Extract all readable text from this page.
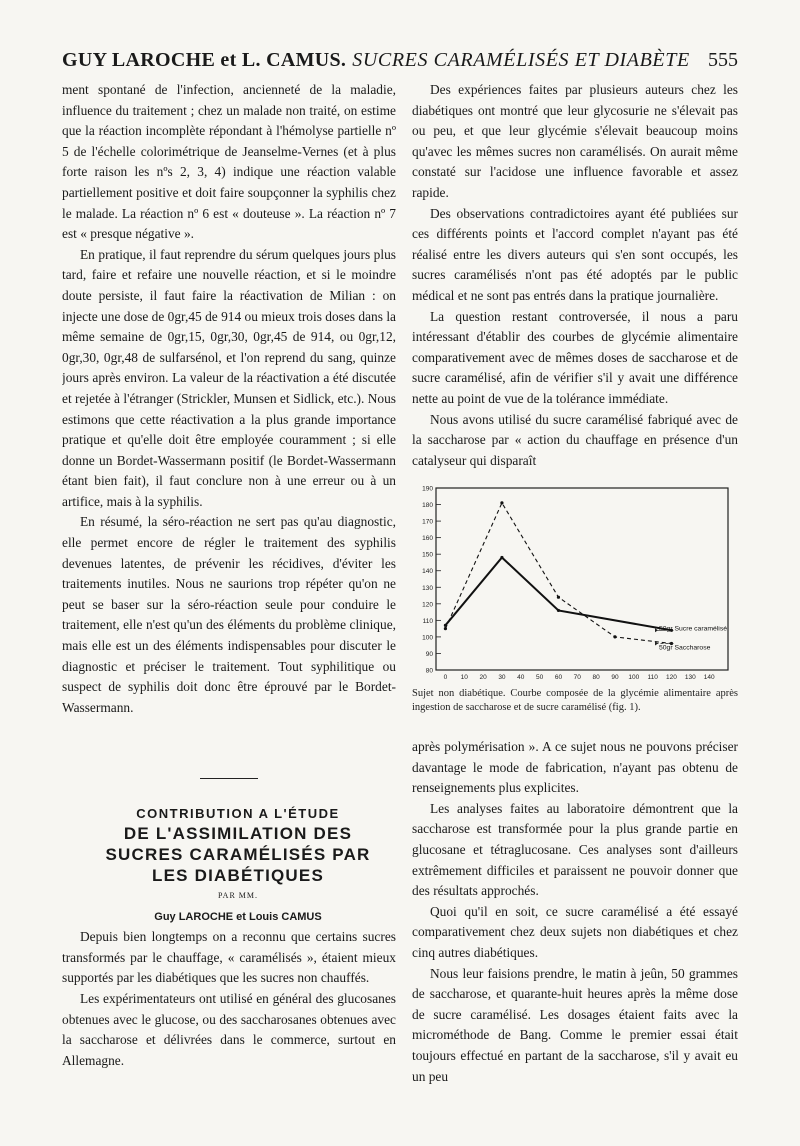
GUY LAROCHE et L. CAMUS. SUCRES CARAMÉLISÉS ET DIABÈTE 555

ment spontané de l'infection, ancienneté de la maladie, influence du traitement ; chez un malade non traité, on estime que la réaction incomplète répondant à l'hémolyse partielle nº 5 de l'échelle colorimétrique de Jeanselme-Vernes (et à plus forte raison les nºs 2, 3, 4) indique une réaction valable partiellement positive et doit faire soupçonner la syphilis chez le malade. La réaction nº 6 est « douteuse ». La réaction nº 7 est « presque négative ».

En pratique, il faut reprendre du sérum quelques jours plus tard, faire et refaire une nouvelle réaction, et si le moindre doute persiste, il faut faire la réactivation de Milian : on injecte une dose de 0gr,45 de 914 ou mieux trois doses dans la même semaine de 0gr,15, 0gr,30, 0gr,45 de 914, ou 0gr,12, 0gr,30, 0gr,48 de sulfarsénol, et l'on reprend du sang, quinze jours après environ. La valeur de la réactivation a été discutée et rejetée à l'étranger (Strickler, Munsen et Sidlick, etc.). Nous estimons que cette réactivation a la plus grande importance pratique et qu'elle doit être employée couramment ; si elle donne un Bordet-Wassermann positif (le Bordet-Wassermann étant bien fait), il faut conclure non à une erreur ou à un artifice, mais à la syphilis.

En résumé, la séro-réaction ne sert pas qu'au diagnostic, elle permet encore de régler le traitement des syphilis devenues latentes, de prévenir les récidives, d'éviter les traitements inutiles. Nous ne saurions trop répéter qu'on ne peut se baser sur la séro-réaction seule pour conduire le traitement, elle n'est qu'un des éléments du problème clinique, mais elle est un des éléments indispensables pour discuter le diagnostic et préciser le traitement. Tout syphilitique ou suspect de syphilis doit donc être éprouvé par le Bordet-Wassermann.

CONTRIBUTION A L'ÉTUDE

DE L'ASSIMILATION DES

SUCRES CARAMÉLISÉS PAR

LES DIABÉTIQUES

PAR MM.

Guy LAROCHE et Louis CAMUS

Depuis bien longtemps on a reconnu que certains sucres transformés par le chauffage, « caramélisés », étaient mieux supportés par les diabétiques que les sucres non chauffés.

Les expérimentateurs ont utilisé en général des glucosanes obtenues avec le glucose, ou des saccharosanes obtenues avec la saccharose et délivrées dans le commerce, surtout en Allemagne.

Des expériences faites par plusieurs auteurs chez les diabétiques ont montré que leur glycosurie ne s'élevait pas ou peu, et que leur glycémie s'élevait beaucoup moins qu'avec les mêmes sucres non caramélisés. On aurait même constaté sur l'acidose une influence favorable et assez rapide.

Des observations contradictoires ayant été publiées sur ces différents points et l'accord complet n'ayant pas été réalisé entre les divers auteurs qui s'en sont occupés, les sucres caramélisés n'ont pas été adoptés par le public médical et ne sont pas entrés dans la pratique journalière.

La question restant controversée, il nous a paru intéressant d'établir des courbes de glycémie alimentaire comparativement avec de mêmes doses de saccharose et de sucre caramélisé, afin de vérifier s'il y avait une différence nette au point de vue de la tolérance immédiate.

Nous avons utilisé du sucre caramélisé fabriqué avec de la saccharose par « action du chauffage en présence d'un catalyseur qui disparaît

80
90
100
110
120
130
140
150
160
170
180
190
0 10 20 30 40 50 60 70 80 90 100 110 120 130 140
50gr Sucre caramélisé
50gr Saccharose
Sujet non diabétique. Courbe composée de la glycémie alimentaire après ingestion de saccharose et de sucre caramélisé (fig. 1).

après polymérisation ». A ce sujet nous ne pouvons préciser davantage le mode de fabrication, n'ayant pas obtenu de renseignements plus explicites.

Les analyses faites au laboratoire démontrent que la saccharose est transformée pour la plus grande partie en glucosane et tétraglucosane. Ces analyses sont d'ailleurs extrêmement difficiles et paraissent ne pouvoir donner que des résultats approchés.

Quoi qu'il en soit, ce sucre caramélisé a été essayé comparativement chez deux sujets non diabétiques et chez cinq autres diabétiques.

Nous leur faisions prendre, le matin à jeûn, 50 grammes de saccharose, et quarante-huit heures après la même dose de sucre caramélisé. Les dosages étaient faits avec la microméthode de Bang. Comme le premier essai était toujours effectué en partant de la saccharose, s'il y avait eu un peu
